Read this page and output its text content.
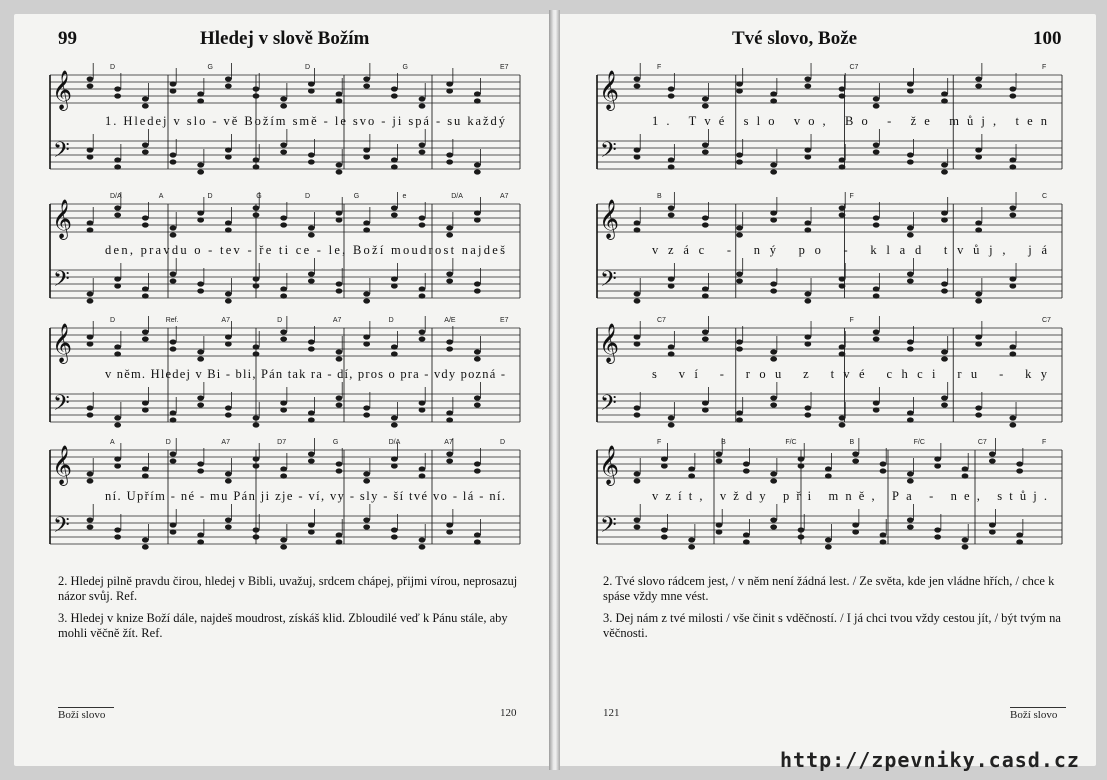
99	Hledej v slově Božím	Tvé slovo, Bože	100
𝄞
𝄢
D	G	D	G	E7
1. Hledej v slo - vě Božím smě - le svo - ji spá - su každý
𝄞
𝄢
D/A	A	D	G	D	G	e	D/A	A7
den, pravdu o - tev - ře ti ce - le, Boží moudrost najdeš
𝄞
𝄢
D	Ref.	A7	D	A7	D	A/E	E7
v něm. Hledej v Bi - bli, Pán tak ra - dí, pros o pra - vdy pozná -
𝄞
𝄢
A	D	A7	D7	G	D/A	A7	D
ní. Upřím - né - mu Pán ji zje - ví, vy - sly - ší tvé vo - lá - ní.
𝄞
𝄢
F	C7	F
1. Tvé slo vo, Bo - že můj, ten
𝄞
𝄢
B	F	C
vzác - ný po - klad tvůj, já
𝄞
𝄢
C7	F	C7
s ví - rou z tvé chci ru - ky
𝄞
𝄢
F	B	F/C	B	F/C	C7	F
vzít, vždy při mně, Pa - ne, stůj.
2. Hledej pilně pravdu čirou, hledej v Bibli, uvažuj, srdcem chápej, přijmi vírou, neprosazuj názor svůj. Ref.
3. Hledej v knize Boží dále, najdeš moudrost, získáš klid. Zbloudilé veď k Pánu stále, aby mohli věčně žít. Ref.
2. Tvé slovo rádcem jest, / v něm není žádná lest. / Ze světa, kde jen vládne hřích, / chce k spáse vždy mne vést.
3. Dej nám z tvé milosti / vše činit s vděčností. / I já chci tvou vždy cestou jít, / být tvým na věčnosti.
Boží slovo	120	121	Boží slovo
http://zpevniky.casd.cz
